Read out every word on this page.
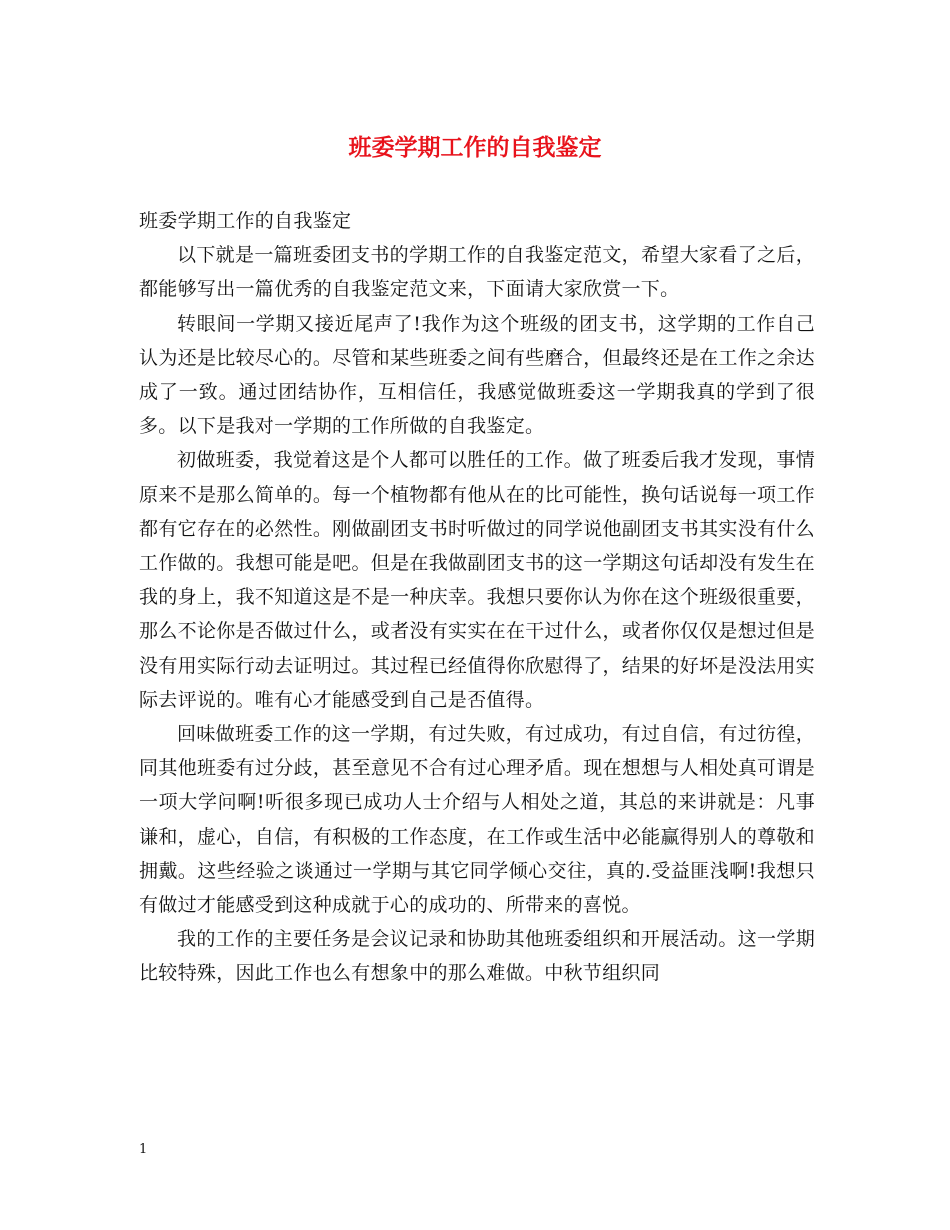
班委学期工作的自我鉴定

班委学期工作的自我鉴定

以下就是一篇班委团支书的学期工作的自我鉴定范文，希望大家看了之后，都能够写出一篇优秀的自我鉴定范文来，下面请大家欣赏一下。

转眼间一学期又接近尾声了!我作为这个班级的团支书，这学期的工作自己认为还是比较尽心的。尽管和某些班委之间有些磨合，但最终还是在工作之余达成了一致。通过团结协作，互相信任，我感觉做班委这一学期我真的学到了很多。以下是我对一学期的工作所做的自我鉴定。

初做班委，我觉着这是个人都可以胜任的工作。做了班委后我才发现，事情原来不是那么简单的。每一个植物都有他从在的比可能性，换句话说每一项工作都有它存在的必然性。刚做副团支书时听做过的同学说他副团支书其实没有什么工作做的。我想可能是吧。但是在我做副团支书的这一学期这句话却没有发生在我的身上，我不知道这是不是一种庆幸。我想只要你认为你在这个班级很重要，那么不论你是否做过什么，或者没有实实在在干过什么，或者你仅仅是想过但是没有用实际行动去证明过。其过程已经值得你欣慰得了，结果的好坏是没法用实际去评说的。唯有心才能感受到自己是否值得。

回味做班委工作的这一学期，有过失败，有过成功，有过自信，有过彷徨，同其他班委有过分歧，甚至意见不合有过心理矛盾。现在想想与人相处真可谓是一项大学问啊!听很多现已成功人士介绍与人相处之道，其总的来讲就是：凡事谦和，虚心，自信，有积极的工作态度，在工作或生活中必能赢得别人的尊敬和拥戴。这些经验之谈通过一学期与其它同学倾心交往，真的.受益匪浅啊!我想只有做过才能感受到这种成就于心的成功的、所带来的喜悦。

我的工作的主要任务是会议记录和协助其他班委组织和开展活动。这一学期比较特殊，因此工作也么有想象中的那么难做。中秋节组织同

1
